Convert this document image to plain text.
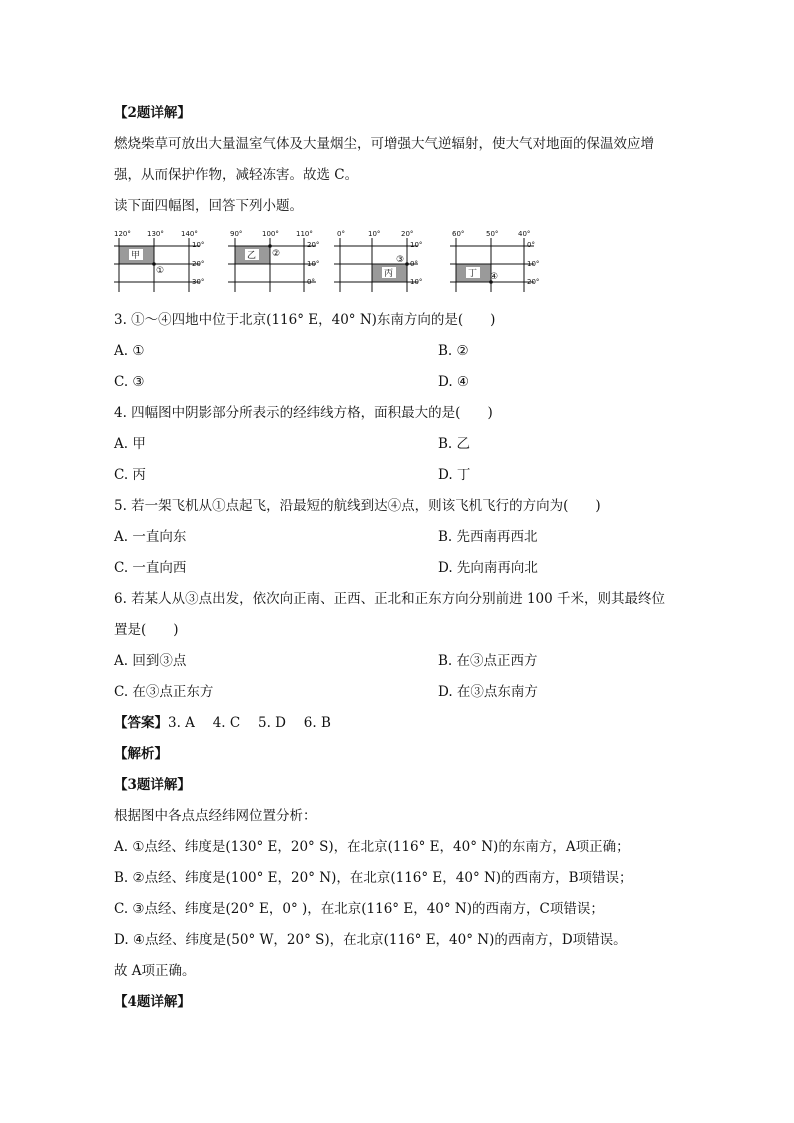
【2题详解】
燃烧柴草可放出大量温室气体及大量烟尘，可增强大气逆辐射，使大气对地面的保温效应增
强，从而保护作物，减轻冻害。故选 C。
读下面四幅图，回答下列小题。
120° 130° 140°
10°
20°
30°
甲
①
90°	100° 110°
20°
10°
0°
乙 ②
0°	10°	20°
10°
0°
10°
丙
③
60°	50°	40°
0°
10°
20°
丁 ④
3. ①～④四地中位于北京(116° E，40° N)东南方向的是(　　)
A. ①	B. ②
C. ③	D. ④
4. 四幅图中阴影部分所表示的经纬线方格，面积最大的是(　　)
A. 甲	B. 乙
C. 丙	D. 丁
5. 若一架飞机从①点起飞，沿最短的航线到达④点，则该飞机飞行的方向为(　　)
A. 一直向东	B. 先西南再西北
C. 一直向西	D. 先向南再向北
6. 若某人从③点出发，依次向正南、正西、正北和正东方向分别前进 100 千米，则其最终位
置是(　　)
A. 回到③点	B. 在③点正西方
C. 在③点正东方	D. 在③点东南方
【答案】3. A　 4. C　 5. D　 6. B
【解析】
【3题详解】
根据图中各点点经纬网位置分析：
A. ①点经、纬度是(130° E，20° S)，在北京(116° E，40° N)的东南方，A项正确；
B. ②点经、纬度是(100° E，20° N)，在北京(116° E，40° N)的西南方，B项错误；
C. ③点经、纬度是(20° E，0° )，在北京(116° E，40° N)的西南方，C项错误；
D. ④点经、纬度是(50° W，20° S)，在北京(116° E，40° N)的西南方，D项错误。
故 A项正确。
【4题详解】
